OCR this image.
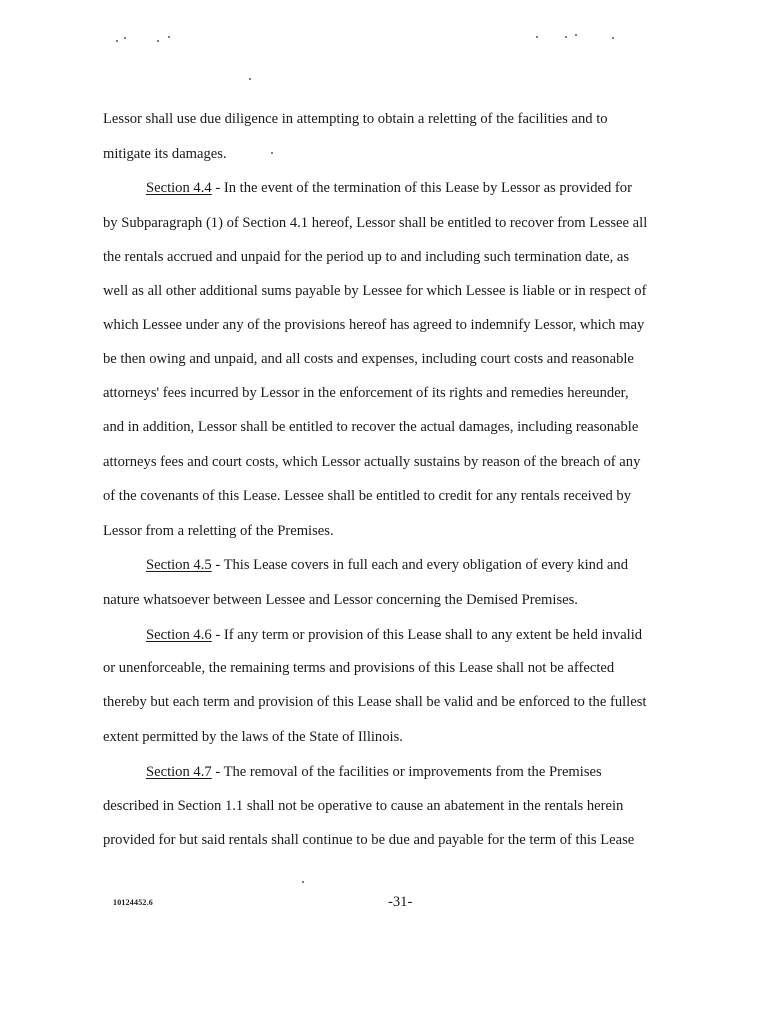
Lessor shall use due diligence in attempting to obtain a reletting of the facilities and to
mitigate its damages.
Section 4.4 - In the event of the termination of this Lease by Lessor as provided for
by Subparagraph (1) of Section 4.1 hereof, Lessor shall be entitled to recover from Lessee all
the rentals accrued and unpaid for the period up to and including such termination date, as
well as all other additional sums payable by Lessee for which Lessee is liable or in respect of
which Lessee under any of the provisions hereof has agreed to indemnify Lessor, which may
be then owing and unpaid, and all costs and expenses, including court costs and reasonable
attorneys' fees incurred by Lessor in the enforcement of its rights and remedies hereunder,
and in addition, Lessor shall be entitled to recover the actual damages, including reasonable
attorneys fees and court costs, which Lessor actually sustains by reason of the breach of any
of the covenants of this Lease. Lessee shall be entitled to credit for any rentals received by
Lessor from a reletting of the Premises.
Section 4.5 - This Lease covers in full each and every obligation of every kind and
nature whatsoever between Lessee and Lessor concerning the Demised Premises.
Section 4.6 - If any term or provision of this Lease shall to any extent be held invalid
or unenforceable, the remaining terms and provisions of this Lease shall not be affected
thereby but each term and provision of this Lease shall be valid and be enforced to the fullest
extent permitted by the laws of the State of Illinois.
Section 4.7 - The removal of the facilities or improvements from the Premises
described in Section 1.1 shall not be operative to cause an abatement in the rentals herein
provided for but said rentals shall continue to be due and payable for the term of this Lease
10124452.6	-31-
